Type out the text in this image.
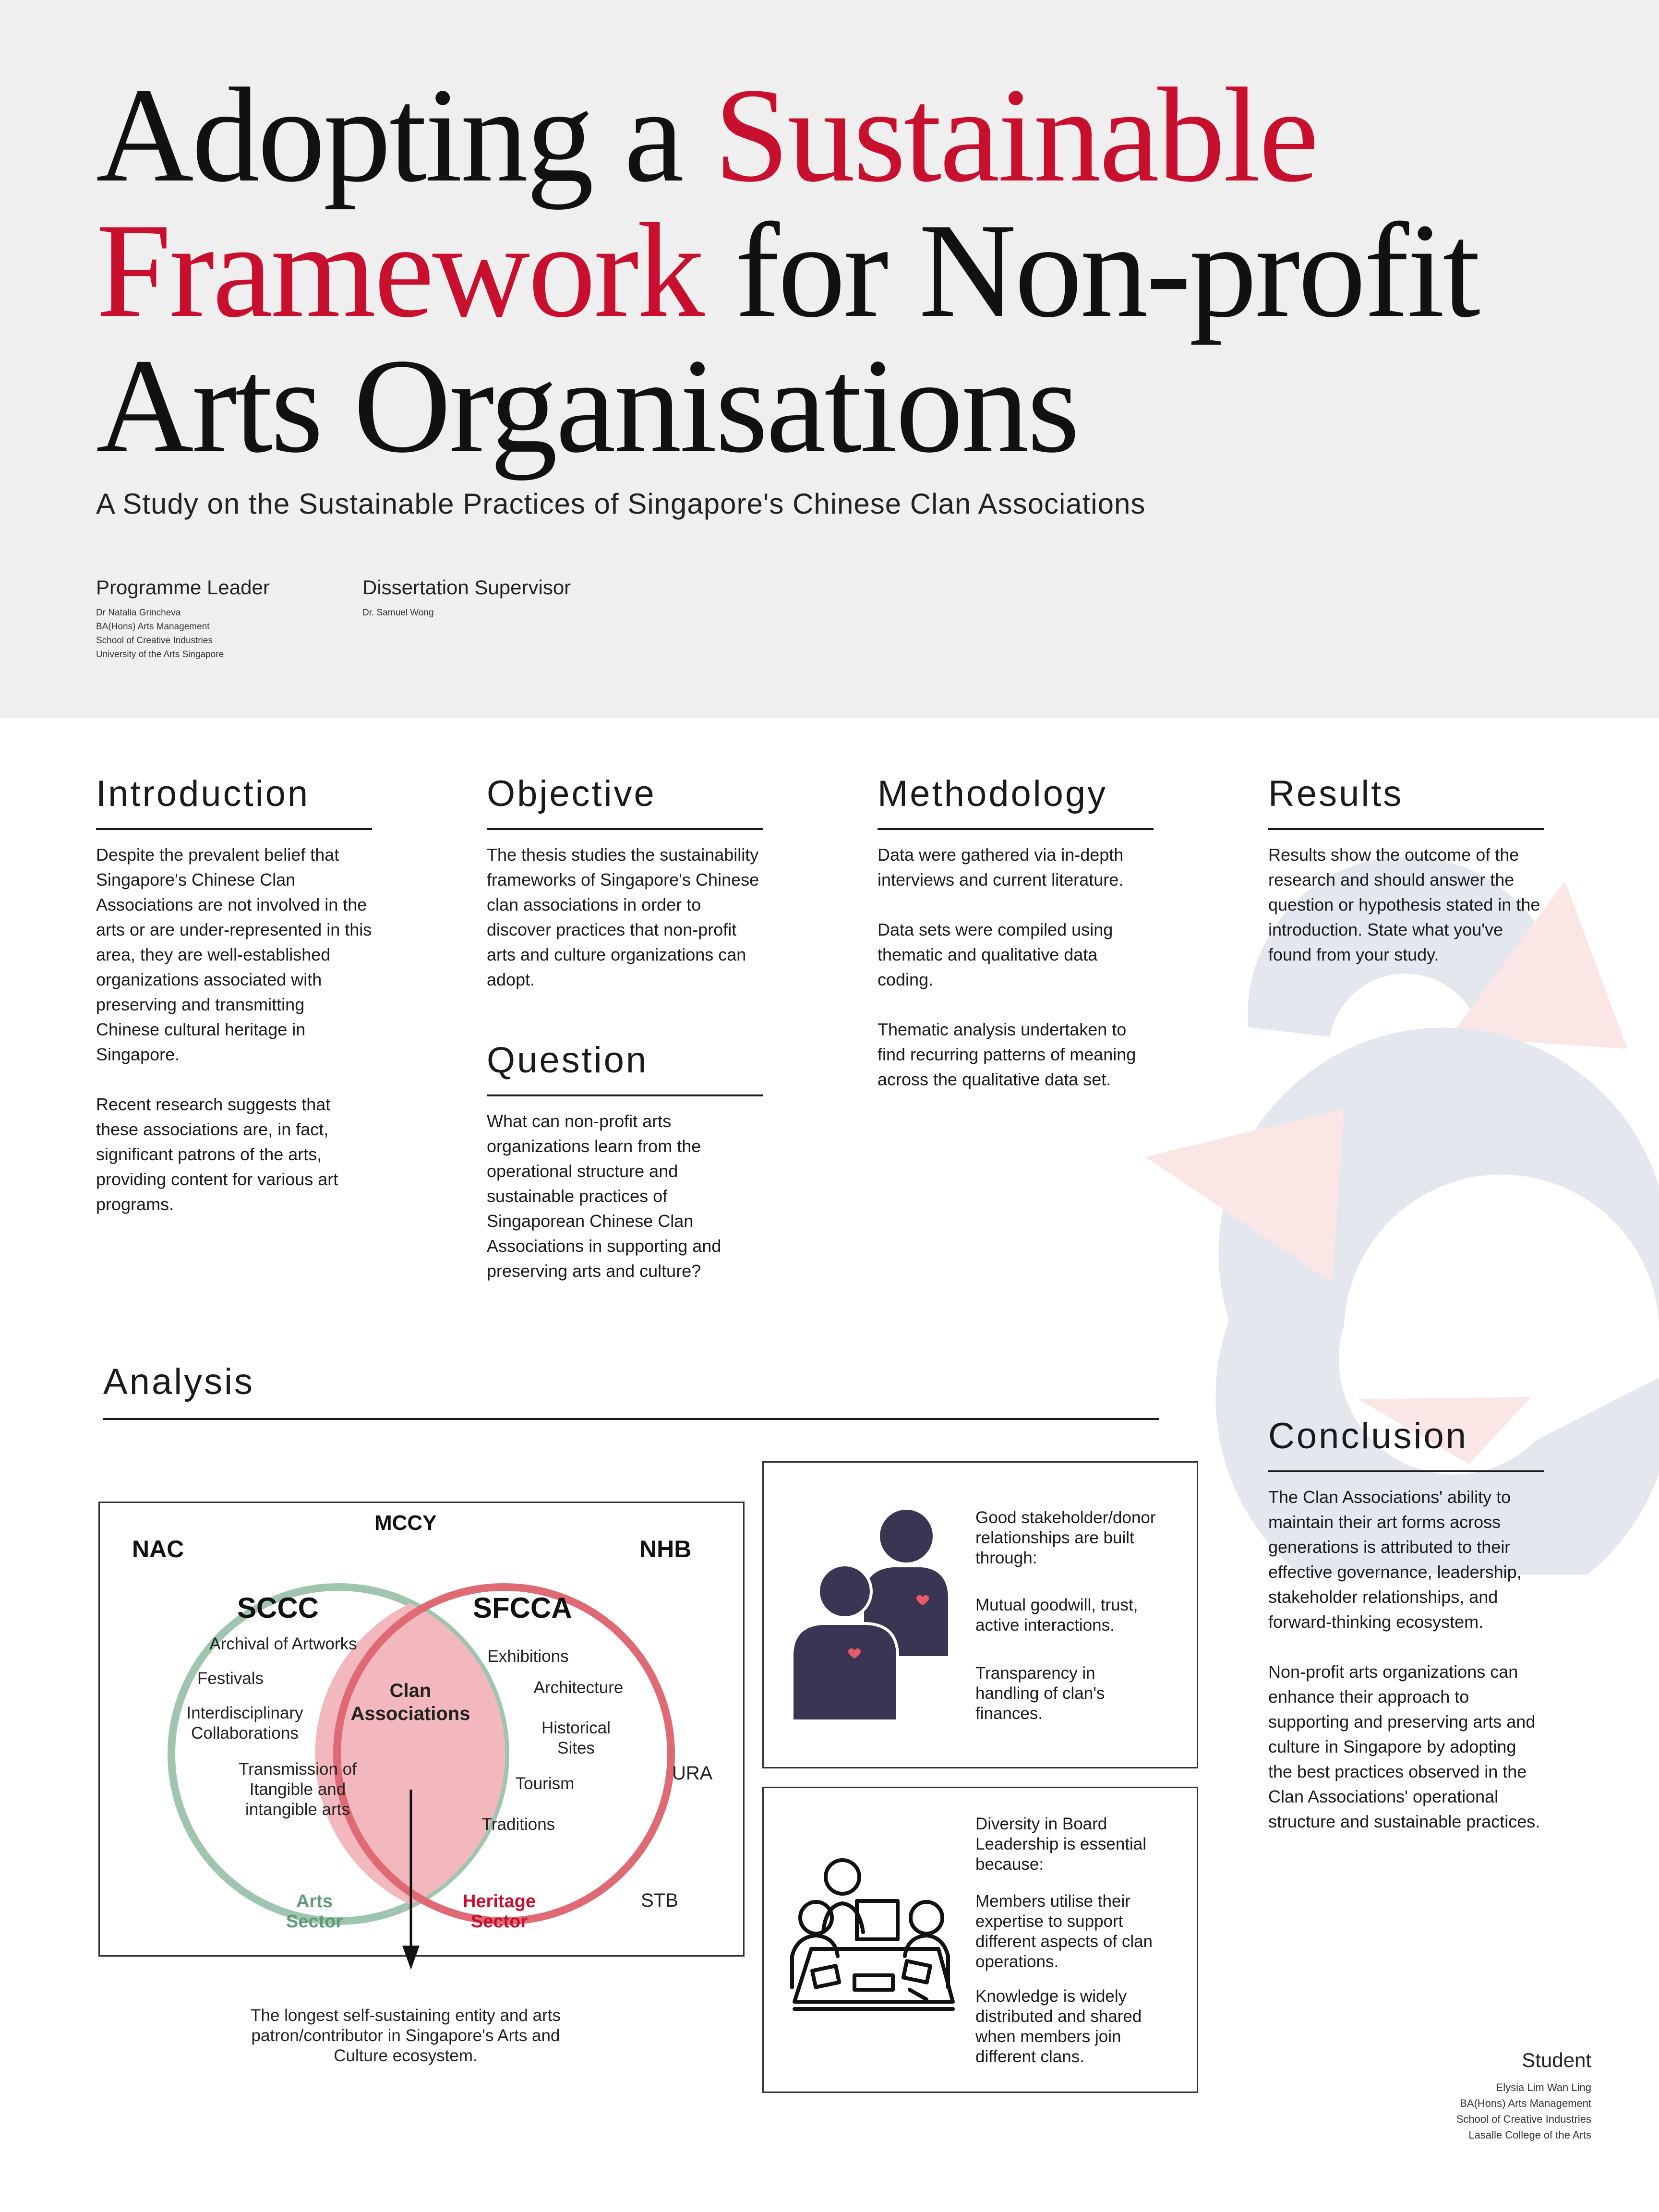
Adopting a Sustainable
Framework for Non-profit
Arts Organisations
A Study on the Sustainable Practices of Singapore's Chinese Clan Associations
Programme Leader
Dr Natalia Grincheva
BA(Hons) Arts Management
School of Creative Industries
University of the Arts Singapore
Dissertation Supervisor
Dr. Samuel Wong
Introduction
Despite the prevalent belief that Singapore's Chinese Clan Associations are not involved in the arts or are under-represented in this area, they are well-established organizations associated with preserving and transmitting Chinese cultural heritage in Singapore.
Recent research suggests that these associations are, in fact, significant patrons of the arts, providing content for various art programs.
Objective
The thesis studies the sustainability frameworks of Singapore's Chinese clan associations in order to discover practices that non-profit arts and culture organizations can adopt.
Question
What can non-profit arts organizations learn from the operational structure and sustainable practices of Singaporean Chinese Clan Associations in supporting and preserving arts and culture?
Methodology
Data were gathered via in-depth interviews and current literature.
Data sets were compiled using thematic and qualitative data coding.
Thematic analysis undertaken to find recurring patterns of meaning across the qualitative data set.
Results
Results show the outcome of the research and should answer the question or hypothesis stated in the introduction. State what you've found from your study.
Analysis
NAC
MCCY
NHB
URA
STB
SCCC	SFCCA
Archival of Artworks
Festivals
Interdisciplinary Collaborations
Transmission of Itangible and intangible arts
Exhibitions
Architecture
Historical Sites
Tourism
Traditions
Clan Associations
Arts Sector
Heritage Sector
The longest self-sustaining entity and arts patron/contributor in Singapore's Arts and Culture ecosystem.
Good stakeholder/donor relationships are built through:
Mutual goodwill, trust, active interactions.
Transparency in handling of clan's finances.
Diversity in Board Leadership is essential because:
Members utilise their expertise to support different aspects of clan operations.
Knowledge is widely distributed and shared when members join different clans.
Conclusion
The Clan Associations' ability to maintain their art forms across generations is attributed to their effective governance, leadership, stakeholder relationships, and forward-thinking ecosystem.
Non-profit arts organizations can enhance their approach to supporting and preserving arts and culture in Singapore by adopting the best practices observed in the Clan Associations' operational structure and sustainable practices.
Student
Elysia Lim Wan Ling
BA(Hons) Arts Management
School of Creative Industries
Lasalle College of the Arts
